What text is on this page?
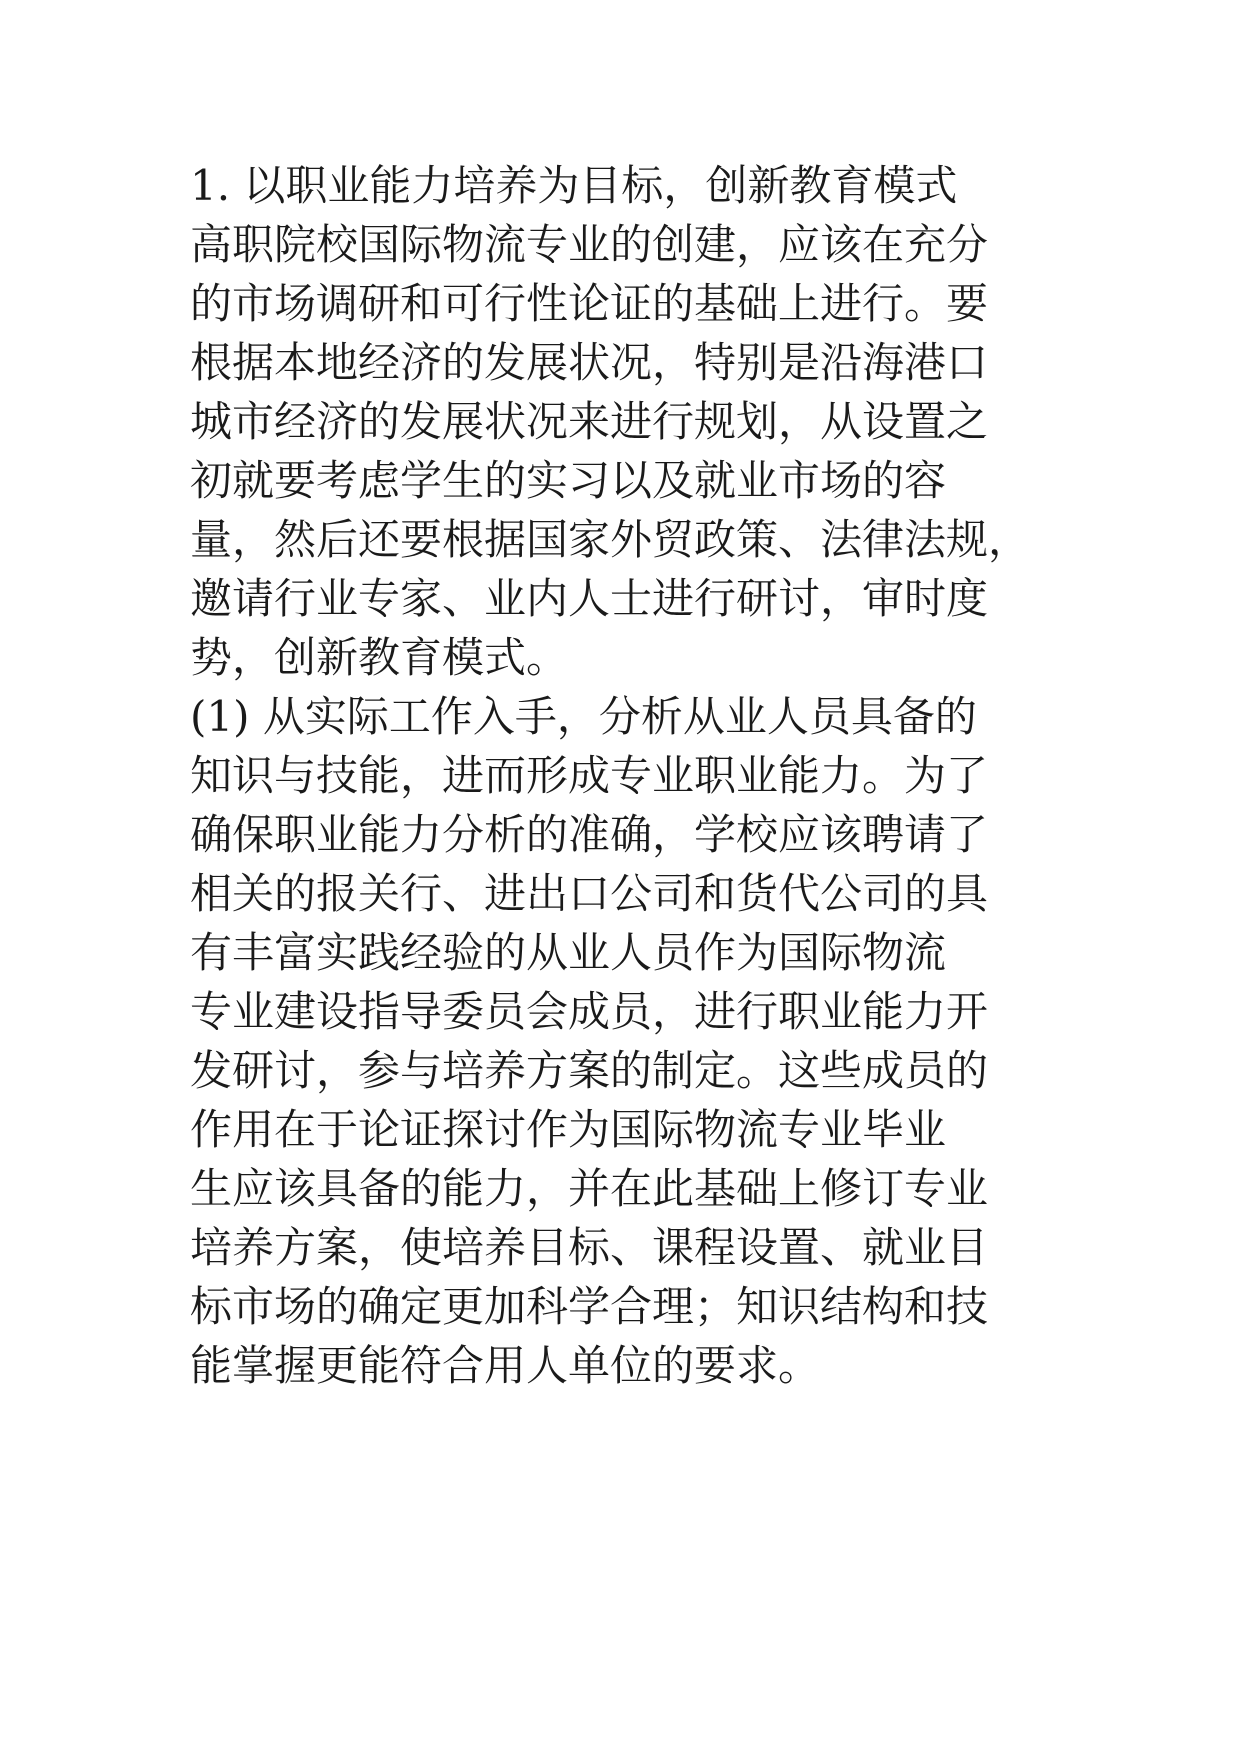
1. 以职业能力培养为目标，创新教育模式
高职院校国际物流专业的创建，应该在充分
的市场调研和可行性论证的基础上进行。要
根据本地经济的发展状况，特别是沿海港口
城市经济的发展状况来进行规划，从设置之
初就要考虑学生的实习以及就业市场的容
量，然后还要根据国家外贸政策、法律法规，
邀请行业专家、业内人士进行研讨，审时度
势，创新教育模式。
(1) 从实际工作入手，分析从业人员具备的
知识与技能，进而形成专业职业能力。为了
确保职业能力分析的准确，学校应该聘请了
相关的报关行、进出口公司和货代公司的具
有丰富实践经验的从业人员作为国际物流
专业建设指导委员会成员，进行职业能力开
发研讨，参与培养方案的制定。这些成员的
作用在于论证探讨作为国际物流专业毕业
生应该具备的能力，并在此基础上修订专业
培养方案，使培养目标、课程设置、就业目
标市场的确定更加科学合理；知识结构和技
能掌握更能符合用人单位的要求。
